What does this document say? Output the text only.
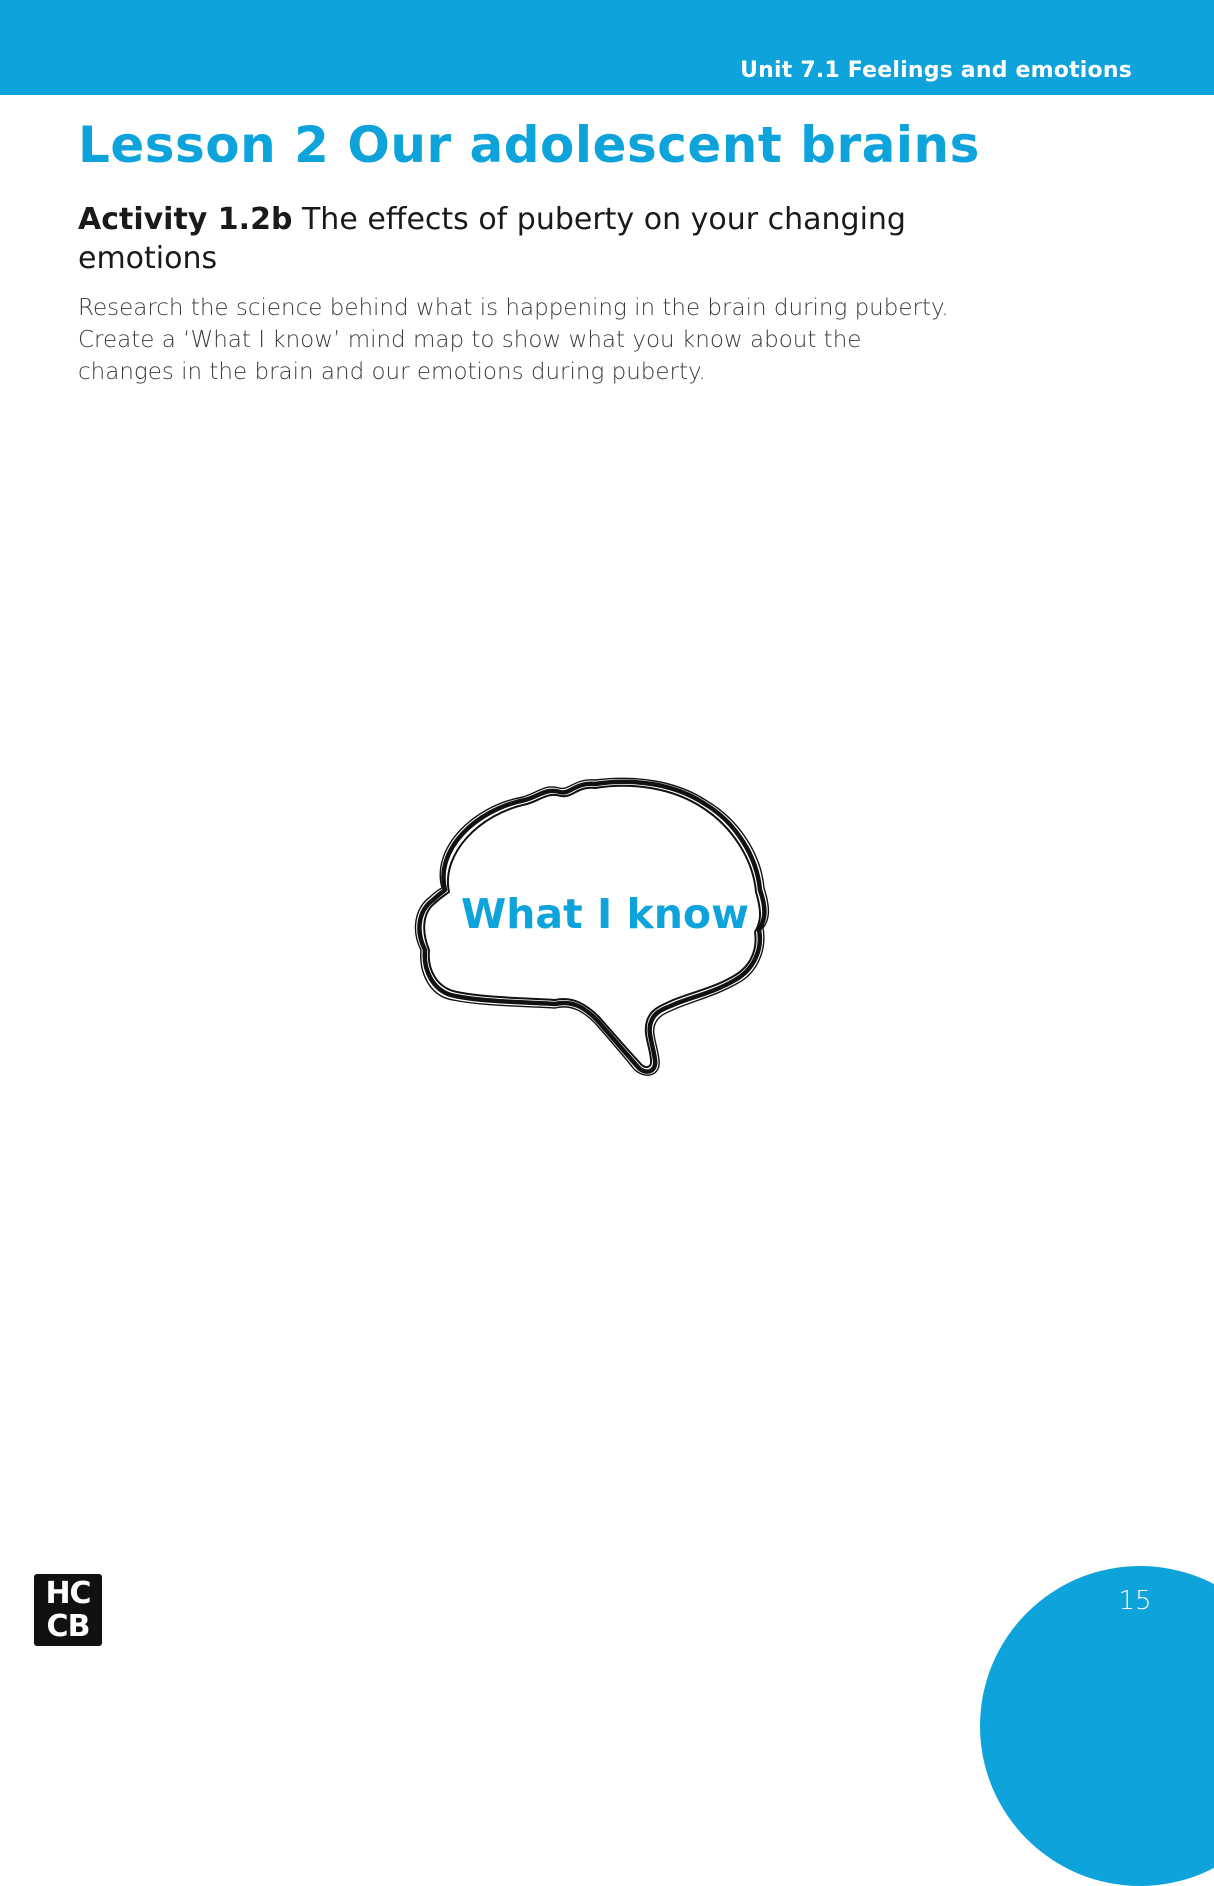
Unit 7.1 Feelings and emotions
Lesson 2 Our adolescent brains
Activity 1.2b The effects of puberty on your changing emotions
Research the science behind what is happening in the brain during puberty.
Create a ‘What I know’ mind map to show what you know about the
changes in the brain and our emotions during puberty.
What I know
HC
CB
15
